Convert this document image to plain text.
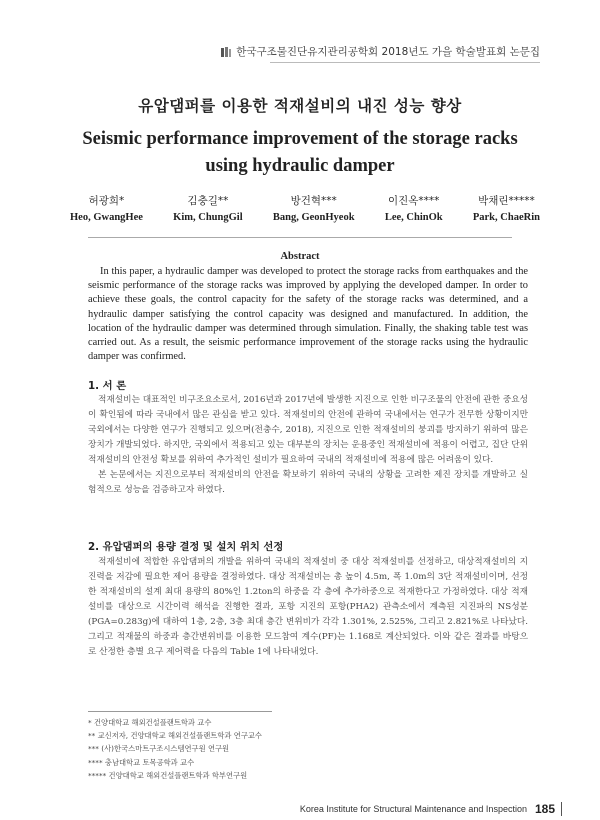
한국구조물진단유지관리공학회 2018년도 가을 학술발표회 논문집
유압댐퍼를 이용한 적재설비의 내진 성능 향상
Seismic performance improvement of the storage racks using hydraulic damper
허광희*
Heo, GwangHee
김충길**
Kim, ChungGil
방건혁***
Bang, GeonHyeok
이진옥****
Lee, ChinOk
박채린*****
Park, ChaeRin
Abstract

In this paper, a hydraulic damper was developed to protect the storage racks from earthquakes and the seismic performance of the storage racks was improved by applying the developed damper. In order to achieve these goals, the control capacity for the safety of the storage racks was determined, and a hydraulic damper satisfying the control capacity was designed and manufactured. In addition, the location of the hydraulic damper was determined through simulation. Finally, the shaking table test was carried out. As a result, the seismic performance improvement of the storage racks using the hydraulic damper was confirmed.

1. 서 론

적재설비는 대표적인 비구조요소로서, 2016년과 2017년에 발생한 지진으로 인한 비구조물의 안전에 관한 중요성이 확인됨에 따라 국내에서 많은 관심을 받고 있다. 적재설비의 안전에 관하여 국내에서는 연구가 전무한 상황이지만 국외에서는 다양한 연구가 진행되고 있으며(전충수, 2018), 지진으로 인한 적재설비의 붕괴를 방지하기 위하여 많은 장치가 개발되었다. 하지만, 국외에서 적용되고 있는 대부분의 장치는 운용중인 적재설비에 적용이 어렵고, 집단 단위 적재설비의 안전성 확보를 위하여 추가적인 설비가 필요하여 국내의 적재설비에 적용에 많은 어려움이 있다.

본 논문에서는 지진으로부터 적재설비의 안전을 확보하기 위하여 국내의 상황을 고려한 제진 장치를 개발하고 실험적으로 성능을 검증하고자 하였다.

2. 유압댐퍼의 용량 결정 및 설치 위치 선정

적재설비에 적합한 유압댐퍼의 개발을 위하여 국내의 적재설비 중 대상 적재설비를 선정하고, 대상적재설비의 지진력을 저감에 필요한 제어 용량을 결정하였다. 대상 적재설비는 총 높이 4.5m, 폭 1.0m의 3단 적재설비이며, 선정한 적재설비의 설계 최대 용량의 80%인 1.2ton의 하중을 각 층에 추가하중으로 적재한다고 가정하였다. 대상 적재설비를 대상으로 시간이력 해석을 진행한 결과, 포항 지진의 포항(PHA2) 관측소에서 계측된 지진파의 NS성분(PGA=0.283g)에 대하여 1층, 2층, 3층 최대 층간 변위비가 각각 1.301%, 2.525%, 그리고 2.821%로 나타났다. 그리고 적재물의 하중과 층간변위비를 이용한 모드참여 계수(PF)는 1.168로 계산되었다. 이와 같은 결과를 바탕으로 산정한 층별 요구 제어력을 다음의 Table 1에 나타내었다.

* 건양대학교 해외건설플랜트학과 교수
** 교신저자, 건양대학교 해외건설플랜트학과 연구교수
*** (사)한국스마트구조시스템연구원 연구원
**** 충남대학교 토목공학과 교수
***** 건양대학교 해외건설플랜트학과 학부연구원
Korea Institute for Structural Maintenance and Inspection 185
